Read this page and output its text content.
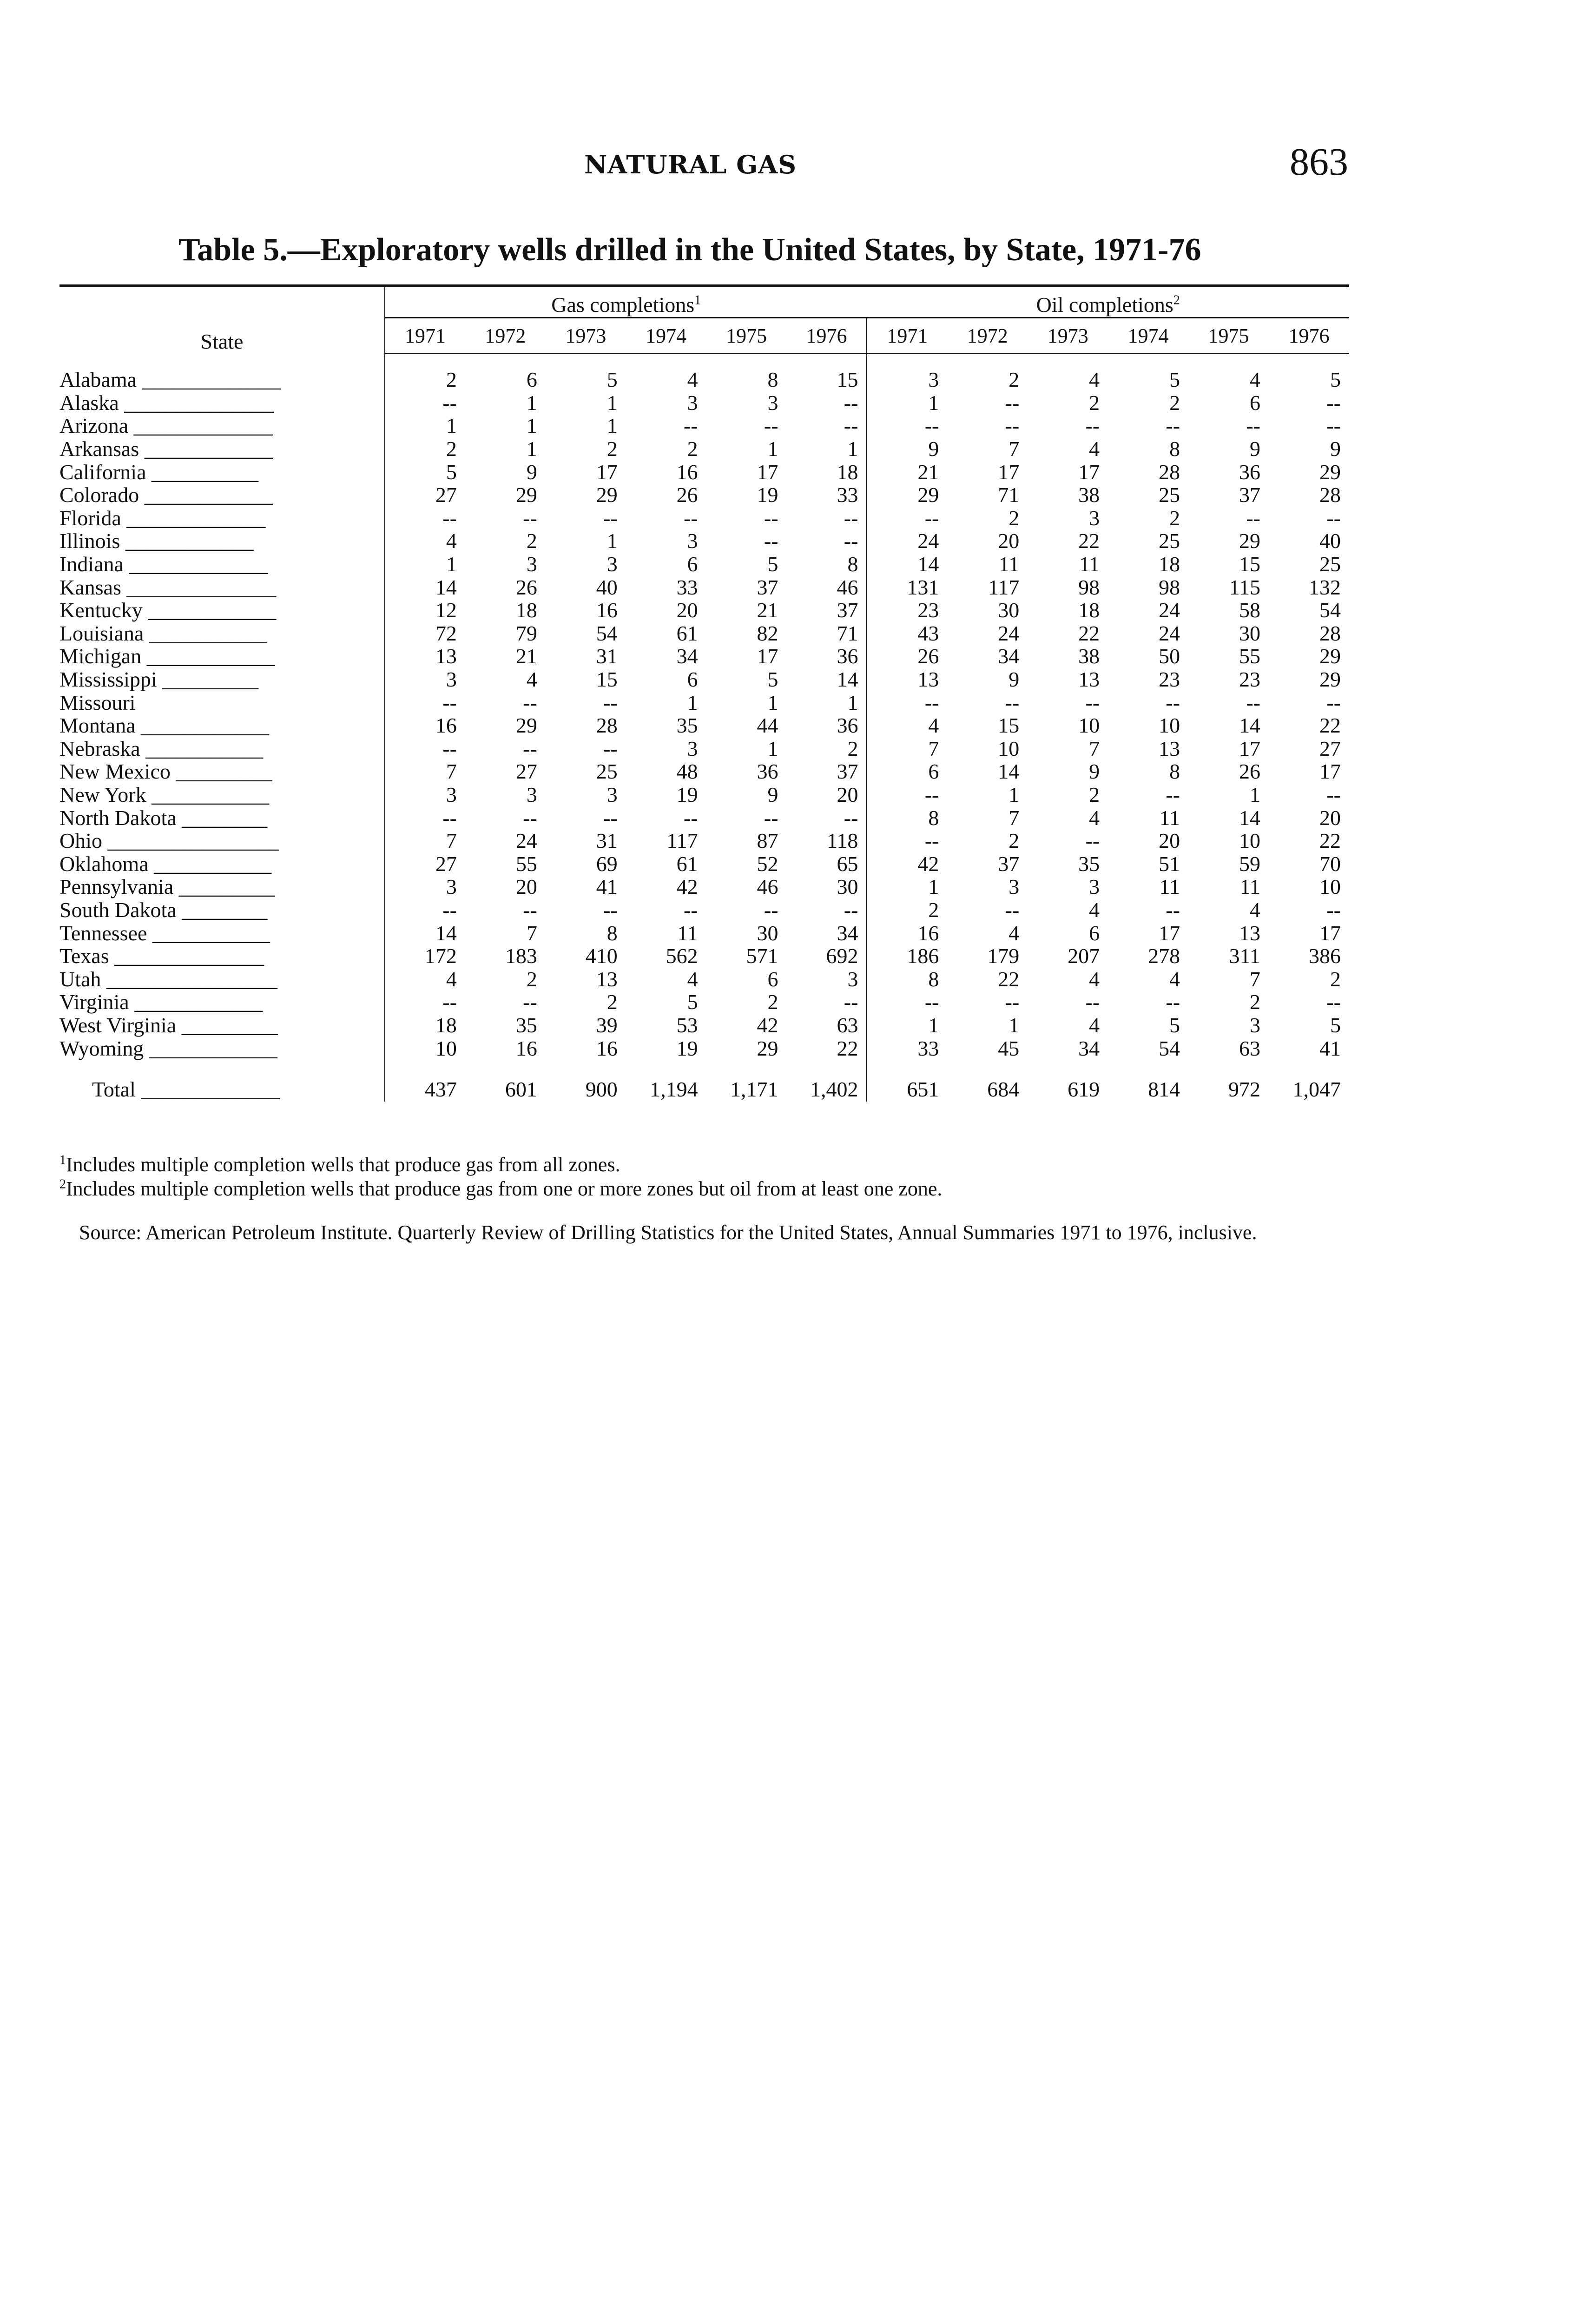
NATURAL GAS	863
Table 5.—Exploratory wells drilled in the United States, by State, 1971-76
State	Gas completions$^1$						Oil completions$^2$
	1971	1972	1973	1974	1975	1976	1971	1972	1973	1974	1975	1976
Alabama _____________	2	6	5	4	8	15	3	2	4	5	4	5
Alaska ______________	--	1	1	3	3	--	1	--	2	2	6	--
Arizona _____________	1	1	1	--	--	--	--	--	--	--	--	--
Arkansas ____________	2	1	2	2	1	1	9	7	4	8	9	9
California __________	5	9	17	16	17	18	21	17	17	28	36	29
Colorado ____________	27	29	29	26	19	33	29	71	38	25	37	28
Florida _____________	--	--	--	--	--	--	--	2	3	2	--	--
Illinois ____________	4	2	1	3	--	--	24	20	22	25	29	40
Indiana _____________	1	3	3	6	5	8	14	11	11	18	15	25
Kansas ______________	14	26	40	33	37	46	131	117	98	98	115	132
Kentucky ____________	12	18	16	20	21	37	23	30	18	24	58	54
Louisiana ___________	72	79	54	61	82	71	43	24	22	24	30	28
Michigan ____________	13	21	31	34	17	36	26	34	38	50	55	29
Mississippi _________	3	4	15	6	5	14	13	9	13	23	23	29
Missouri	--	--	--	1	1	1	--	--	--	--	--	--
Montana ____________	16	29	28	35	44	36	4	15	10	10	14	22
Nebraska ___________	--	--	--	3	1	2	7	10	7	13	17	27
New Mexico _________	7	27	25	48	36	37	6	14	9	8	26	17
New York ___________	3	3	3	19	9	20	--	1	2	--	1	--
North Dakota ________	--	--	--	--	--	--	8	7	4	11	14	20
Ohio ________________	7	24	31	117	87	118	--	2	--	20	10	22
Oklahoma ___________	27	55	69	61	52	65	42	37	35	51	59	70
Pennsylvania _________	3	20	41	42	46	30	1	3	3	11	11	10
South Dakota ________	--	--	--	--	--	--	2	--	4	--	4	--
Tennessee ___________	14	7	8	11	30	34	16	4	6	17	13	17
Texas ______________	172	183	410	562	571	692	186	179	207	278	311	386
Utah ________________	4	2	13	4	6	3	8	22	4	4	7	2
Virginia ____________	--	--	2	5	2	--	--	--	--	--	2	--
West Virginia _________	18	35	39	53	42	63	1	1	4	5	3	5
Wyoming ____________	10	16	16	19	29	22	33	45	34	54	63	41
Total _____________	437	601	900	1,194	1,171	1,402	651	684	619	814	972	1,047

$^1$Includes multiple completion wells that produce gas from all zones.

$^2$Includes multiple completion wells that produce gas from one or more zones but oil from at least one zone.

Source: American Petroleum Institute. Quarterly Review of Drilling Statistics for the United States, Annual Summaries 1971 to 1976, inclusive.
